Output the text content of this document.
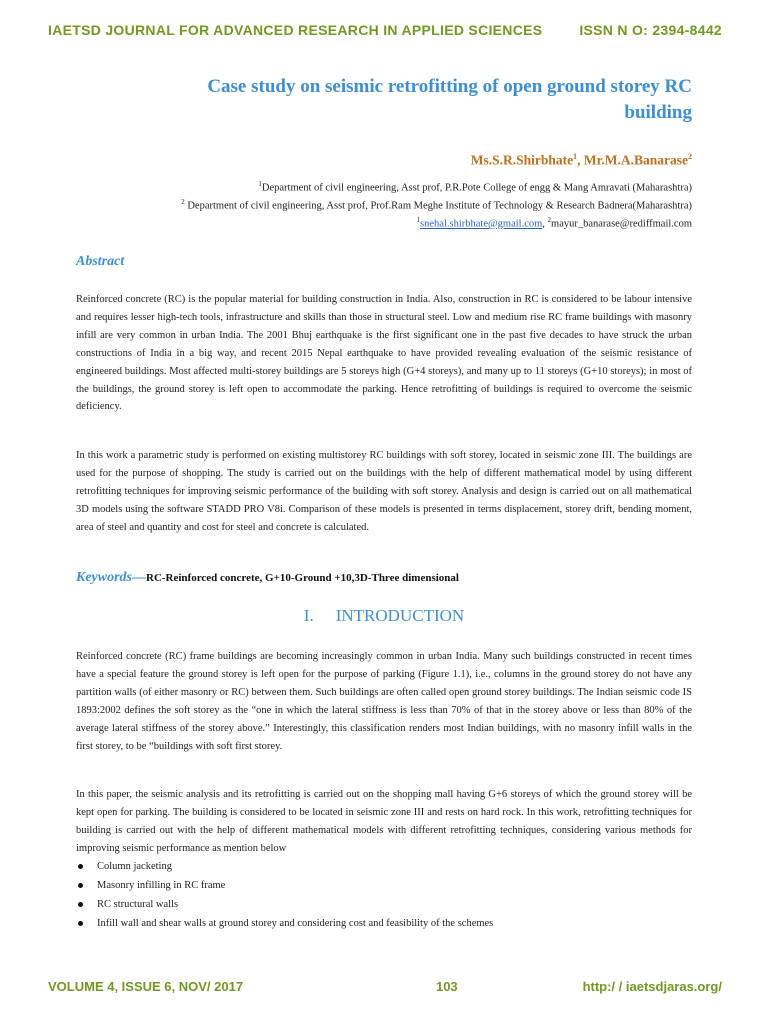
IAETSD JOURNAL FOR ADVANCED RESEARCH IN APPLIED SCIENCES	ISSN N O: 2394-8442
Case study on seismic retrofitting of open ground storey RC
building
Ms.S.R.Shirbhate$^1$, Mr.M.A.Banarase$^2$
$^1$Department of civil engineering, Asst prof, P.R.Pote College of engg & Mang Amravati (Maharashtra)
$^2$ Department of civil engineering, Asst prof, Prof.Ram Meghe Institute of Technology & Research Badnera(Maharashtra)
$^1$snehal.shirbhate@gmail.com, $^2$mayur_banarase@rediffmail.com
Abstract
Reinforced concrete (RC) is the popular material for building construction in India. Also, construction in RC is considered to be labour intensive and requires lesser high-tech tools, infrastructure and skills than those in structural steel. Low and medium rise RC frame buildings with masonry infill are very common in urban India. The 2001 Bhuj earthquake is the first significant one in the past five decades to have struck the urban constructions of India in a big way, and recent 2015 Nepal earthquake to have provided revealing evaluation of the seismic resistance of engineered buildings. Most affected multi-storey buildings are 5 storeys high (G+4 storeys), and many up to 11 storeys (G+10 storeys); in most of the buildings, the ground storey is left open to accommodate the parking. Hence retrofitting of buildings is required to overcome the seismic deficiency.
In this work a parametric study is performed on existing multistorey RC buildings with soft storey, located in seismic zone III. The buildings are used for the purpose of shopping. The study is carried out on the buildings with the help of different mathematical model by using different retrofitting techniques for improving seismic performance of the building with soft storey. Analysis and design is carried out on all mathematical 3D models using the software STADD PRO V8i. Comparison of these models is presented in terms displacement, storey drift, bending moment, area of steel and quantity and cost for steel and concrete is calculated.
Keywords—RC-Reinforced concrete, G+10-Ground +10,3D-Three dimensional
I. INTRODUCTION
Reinforced concrete (RC) frame buildings are becoming increasingly common in urban India. Many such buildings constructed in recent times have a special feature the ground storey is left open for the purpose of parking (Figure 1.1), i.e., columns in the ground storey do not have any partition walls (of either masonry or RC) between them. Such buildings are often called open ground storey buildings. The Indian seismic code IS 1893:2002 defines the soft storey as the “one in which the lateral stiffness is less than 70% of that in the storey above or less than 80% of the average lateral stiffness of the storey above.” Interestingly, this classification renders most Indian buildings, with no masonry infill walls in the first storey, to be “buildings with soft first storey.
In this paper, the seismic analysis and its retrofitting is carried out on the shopping mall having G+6 storeys of which the ground storey will be kept open for parking. The building is considered to be located in seismic zone III and rests on hard rock. In this work, retrofitting techniques for building is carried out with the help of different mathematical models with different retrofitting techniques, considering various methods for improving seismic performance as mention below
Column jacketing
Masonry infilling in RC frame
RC structural walls
Infill wall and shear walls at ground storey and considering cost and feasibility of the schemes
VOLUME 4, ISSUE 6, NOV/ 2017	103	http:/ / iaetsdjaras.org/
